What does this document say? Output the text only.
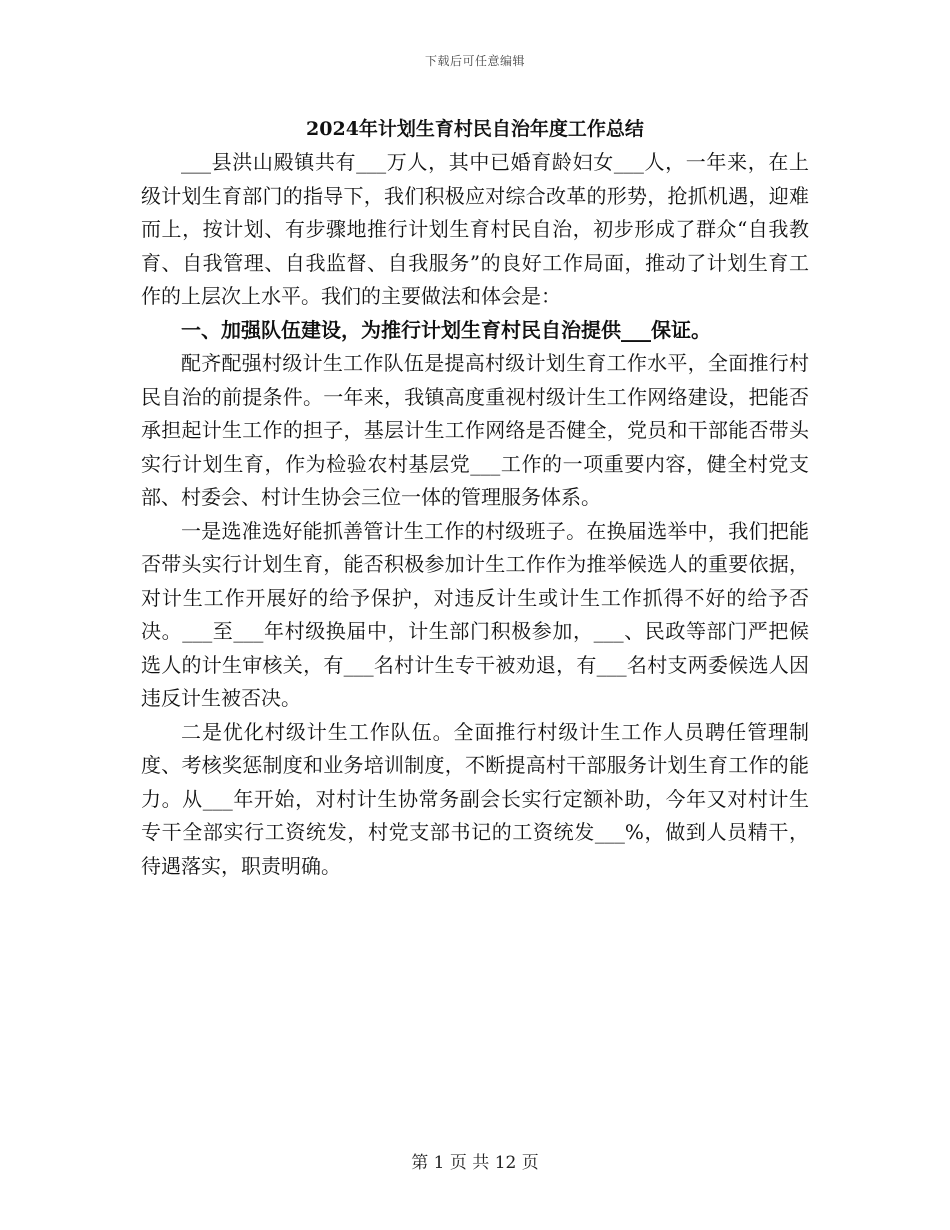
下载后可任意编辑
2024年计划生育村民自治年度工作总结

___县洪山殿镇共有___万人，其中已婚育龄妇女___人，一年来，在上级计划生育部门的指导下，我们积极应对综合改革的形势，抢抓机遇，迎难而上，按计划、有步骤地推行计划生育村民自治，初步形成了群众“自我教育、自我管理、自我监督、自我服务”的良好工作局面，推动了计划生育工作的上层次上水平。我们的主要做法和体会是：

一、加强队伍建设，为推行计划生育村民自治提供___保证。

配齐配强村级计生工作队伍是提高村级计划生育工作水平，全面推行村民自治的前提条件。一年来，我镇高度重视村级计生工作网络建设，把能否承担起计生工作的担子，基层计生工作网络是否健全，党员和干部能否带头实行计划生育，作为检验农村基层党___工作的一项重要内容，健全村党支部、村委会、村计生协会三位一体的管理服务体系。

一是选准选好能抓善管计生工作的村级班子。在换届选举中，我们把能否带头实行计划生育，能否积极参加计生工作作为推举候选人的重要依据，对计生工作开展好的给予保护，对违反计生或计生工作抓得不好的给予否决。___至___年村级换届中，计生部门积极参加，___、民政等部门严把候选人的计生审核关，有___名村计生专干被劝退，有___名村支两委候选人因违反计生被否决。

二是优化村级计生工作队伍。全面推行村级计生工作人员聘任管理制度、考核奖惩制度和业务培训制度，不断提高村干部服务计划生育工作的能力。从___年开始，对村计生协常务副会长实行定额补助，今年又对村计生专干全部实行工资统发，村党支部书记的工资统发___%，做到人员精干，待遇落实，职责明确。

第 1 页 共 12 页
